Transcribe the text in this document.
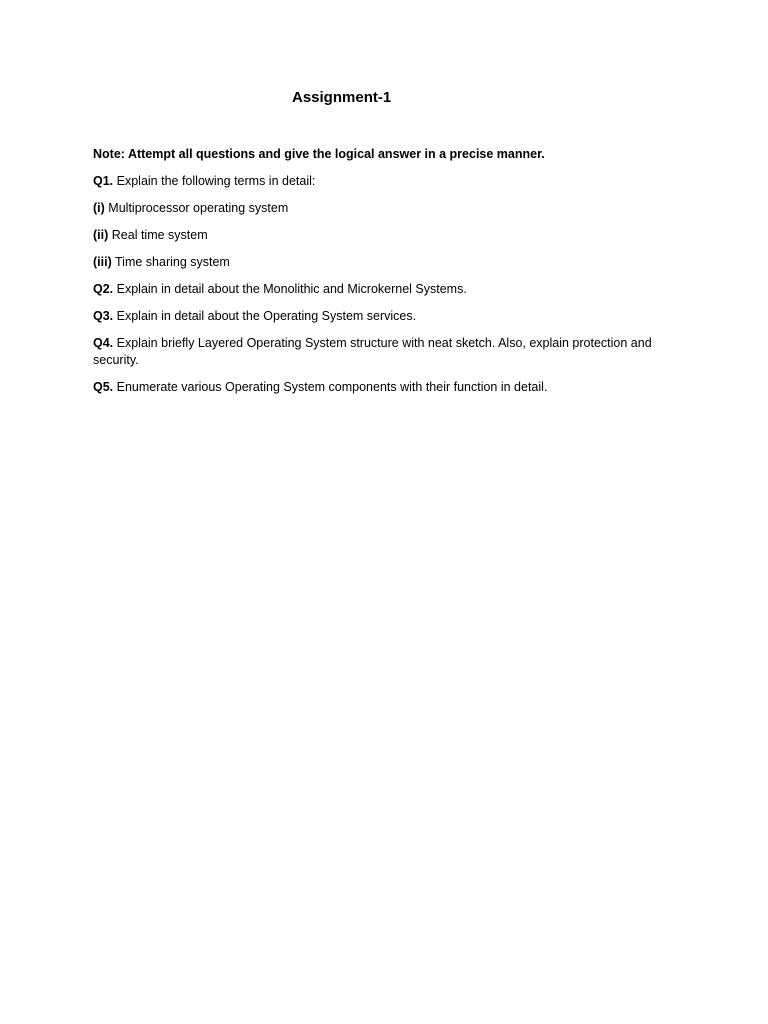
Assignment-1

Note: Attempt all questions and give the logical answer in a precise manner.

Q1. Explain the following terms in detail:

(i) Multiprocessor operating system

(ii) Real time system

(iii) Time sharing system

Q2. Explain in detail about the Monolithic and Microkernel Systems.

Q3. Explain in detail about the Operating System services.

Q4. Explain briefly Layered Operating System structure with neat sketch. Also, explain protection and security.

Q5. Enumerate various Operating System components with their function in detail.
